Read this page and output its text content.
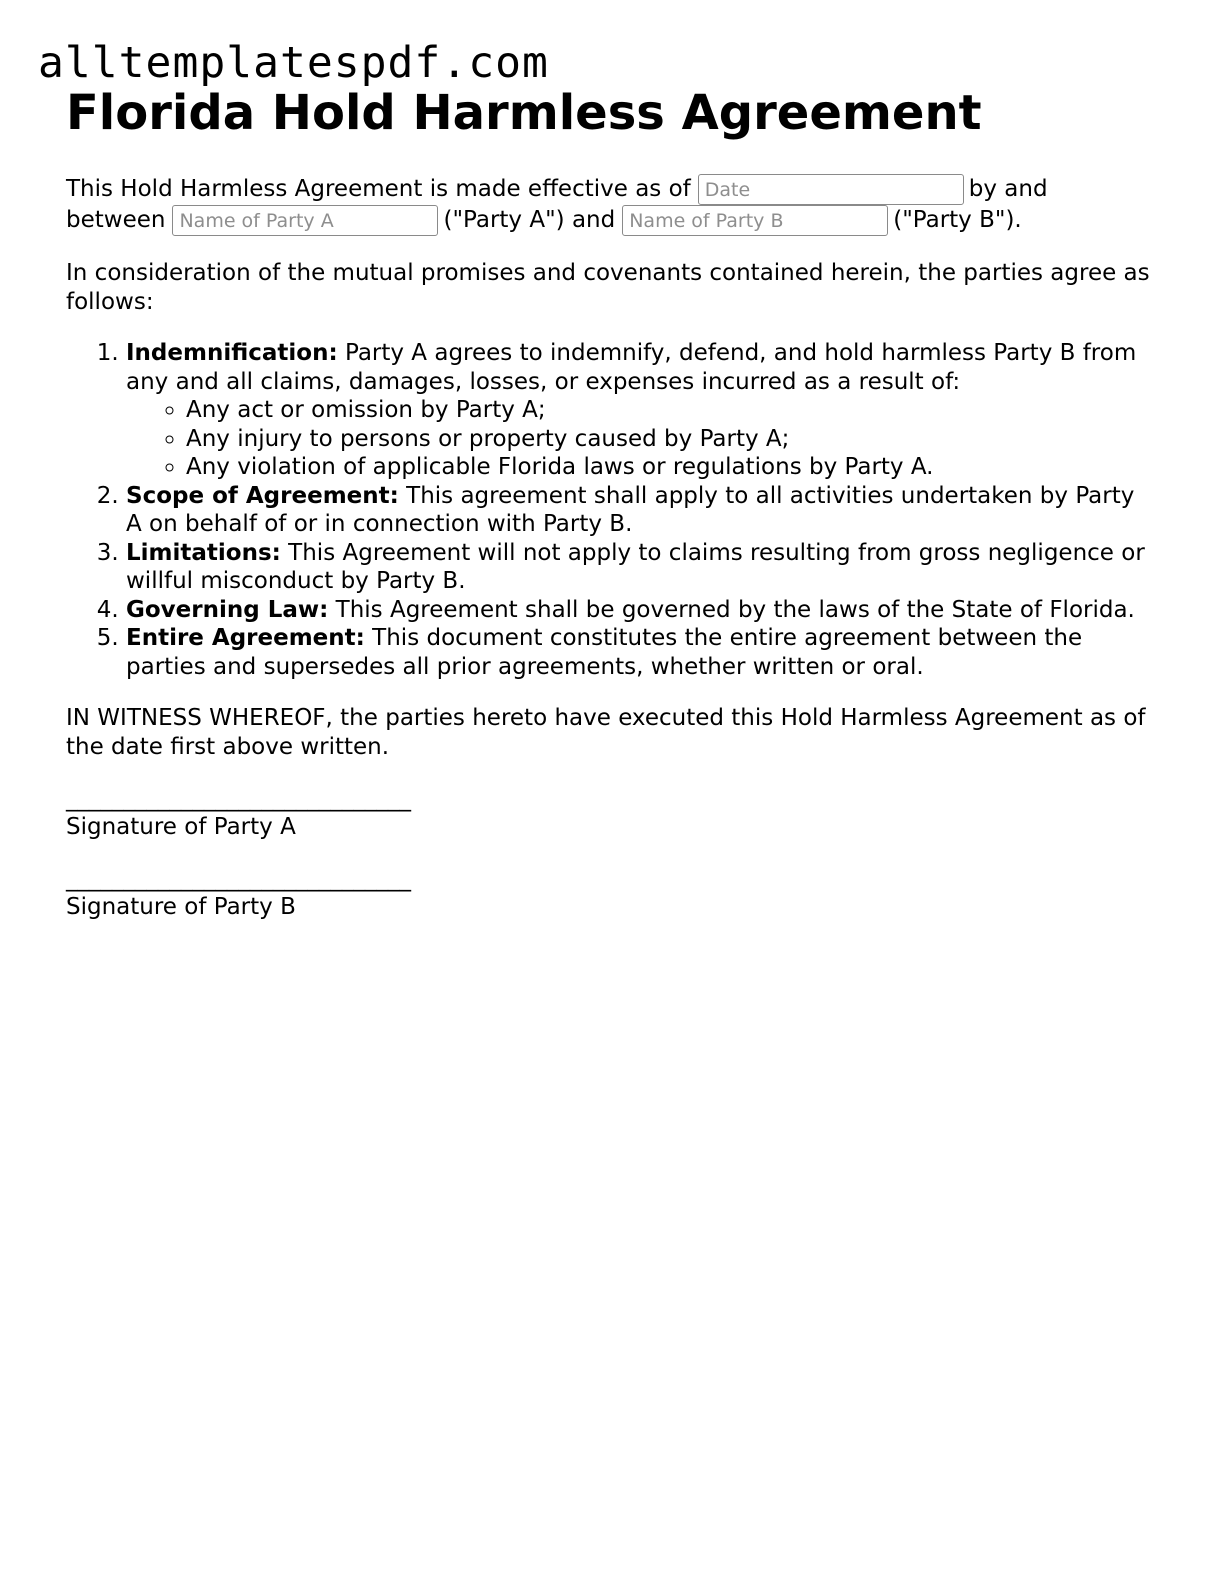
alltemplatespdf.com
Florida Hold Harmless Agreement
This Hold Harmless Agreement is made effective as ofDate	by and
betweenName of Party A	("Party A") andName of Party B	("Party B").

In consideration of the mutual promises and covenants contained herein, the parties agree as follows:

1. Indemnification: Party A agrees to indemnify, defend, and hold harmless Party B from any and all claims, damages, losses, or expenses incurred as a result of:
◦ Any act or omission by Party A;
◦ Any injury to persons or property caused by Party A;
◦ Any violation of applicable Florida laws or regulations by Party A.
2. Scope of Agreement: This agreement shall apply to all activities undertaken by Party A on behalf of or in connection with Party B.
3. Limitations: This Agreement will not apply to claims resulting from gross negligence or willful misconduct by Party B.
4. Governing Law: This Agreement shall be governed by the laws of the State of Florida.
5. Entire Agreement: This document constitutes the entire agreement between the parties and supersedes all prior agreements, whether written or oral.

IN WITNESS WHEREOF, the parties hereto have executed this Hold Harmless Agreement as of the date first above written.

______________________________
Signature of Party A
______________________________
Signature of Party B
